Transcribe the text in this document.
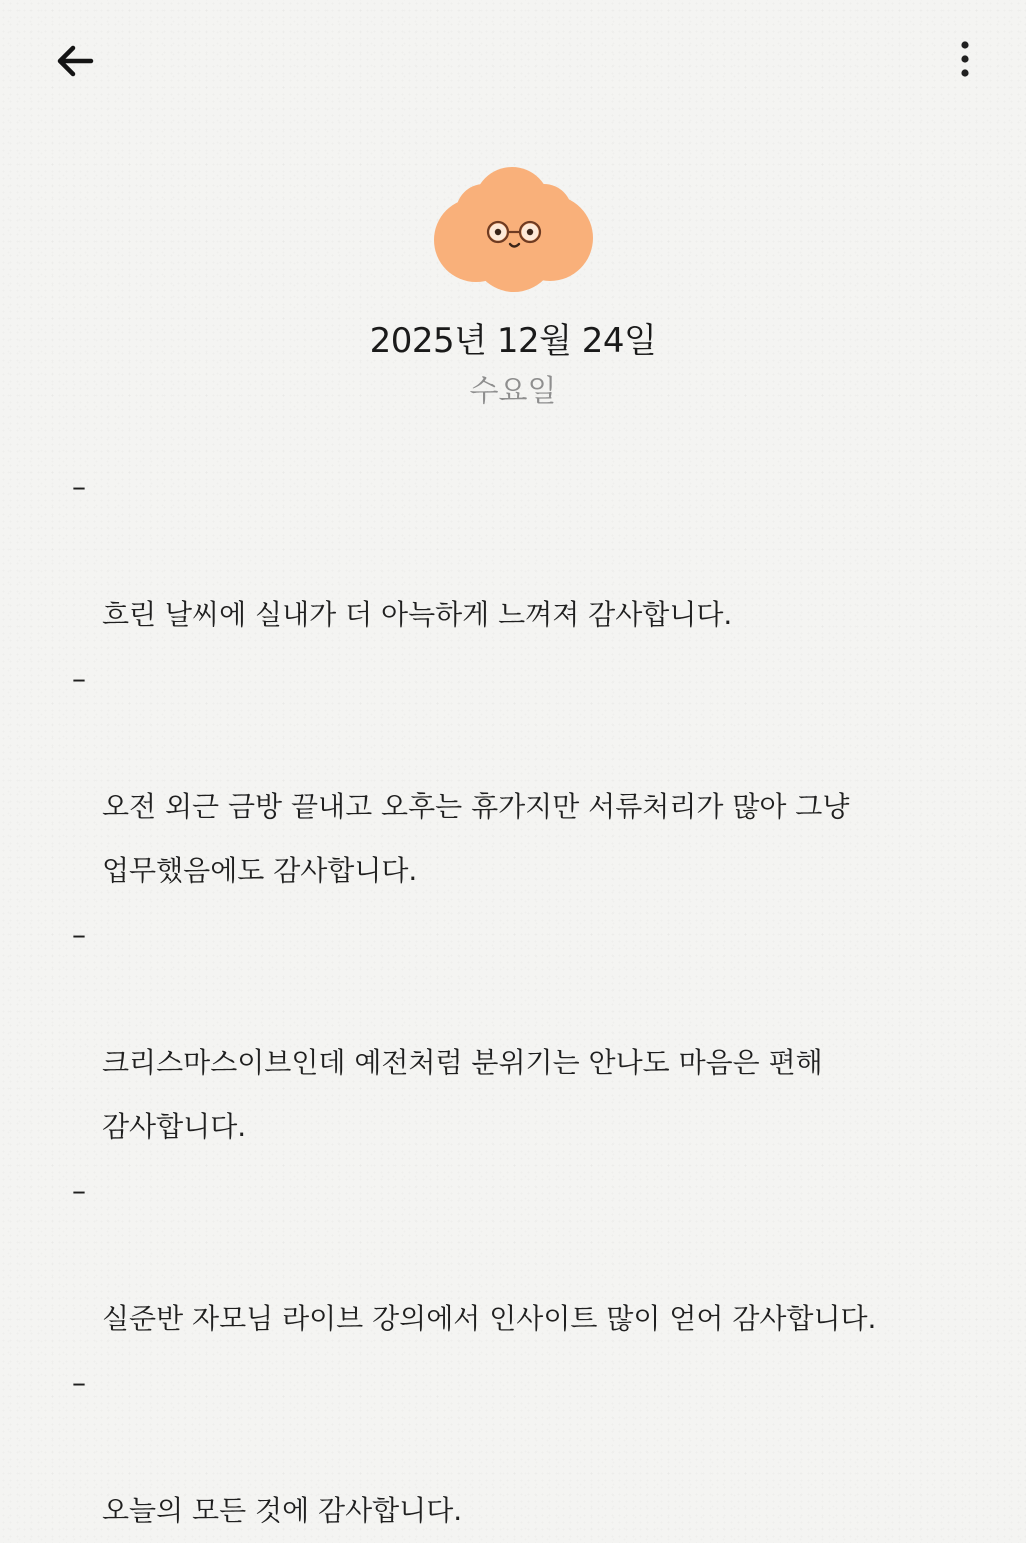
2025년 12월 24일
수요일

–

흐린 날씨에 실내가 더 아늑하게 느껴져 감사합니다.

–

오전 외근 금방 끝내고 오후는 휴가지만 서류처리가 많아 그냥
업무했음에도 감사합니다.

–

크리스마스이브인데 예전처럼 분위기는 안나도 마음은 편해
감사합니다.

–

실준반 자모님 라이브 강의에서 인사이트 많이 얻어 감사합니다.

–

오늘의 모든 것에 감사합니다.
